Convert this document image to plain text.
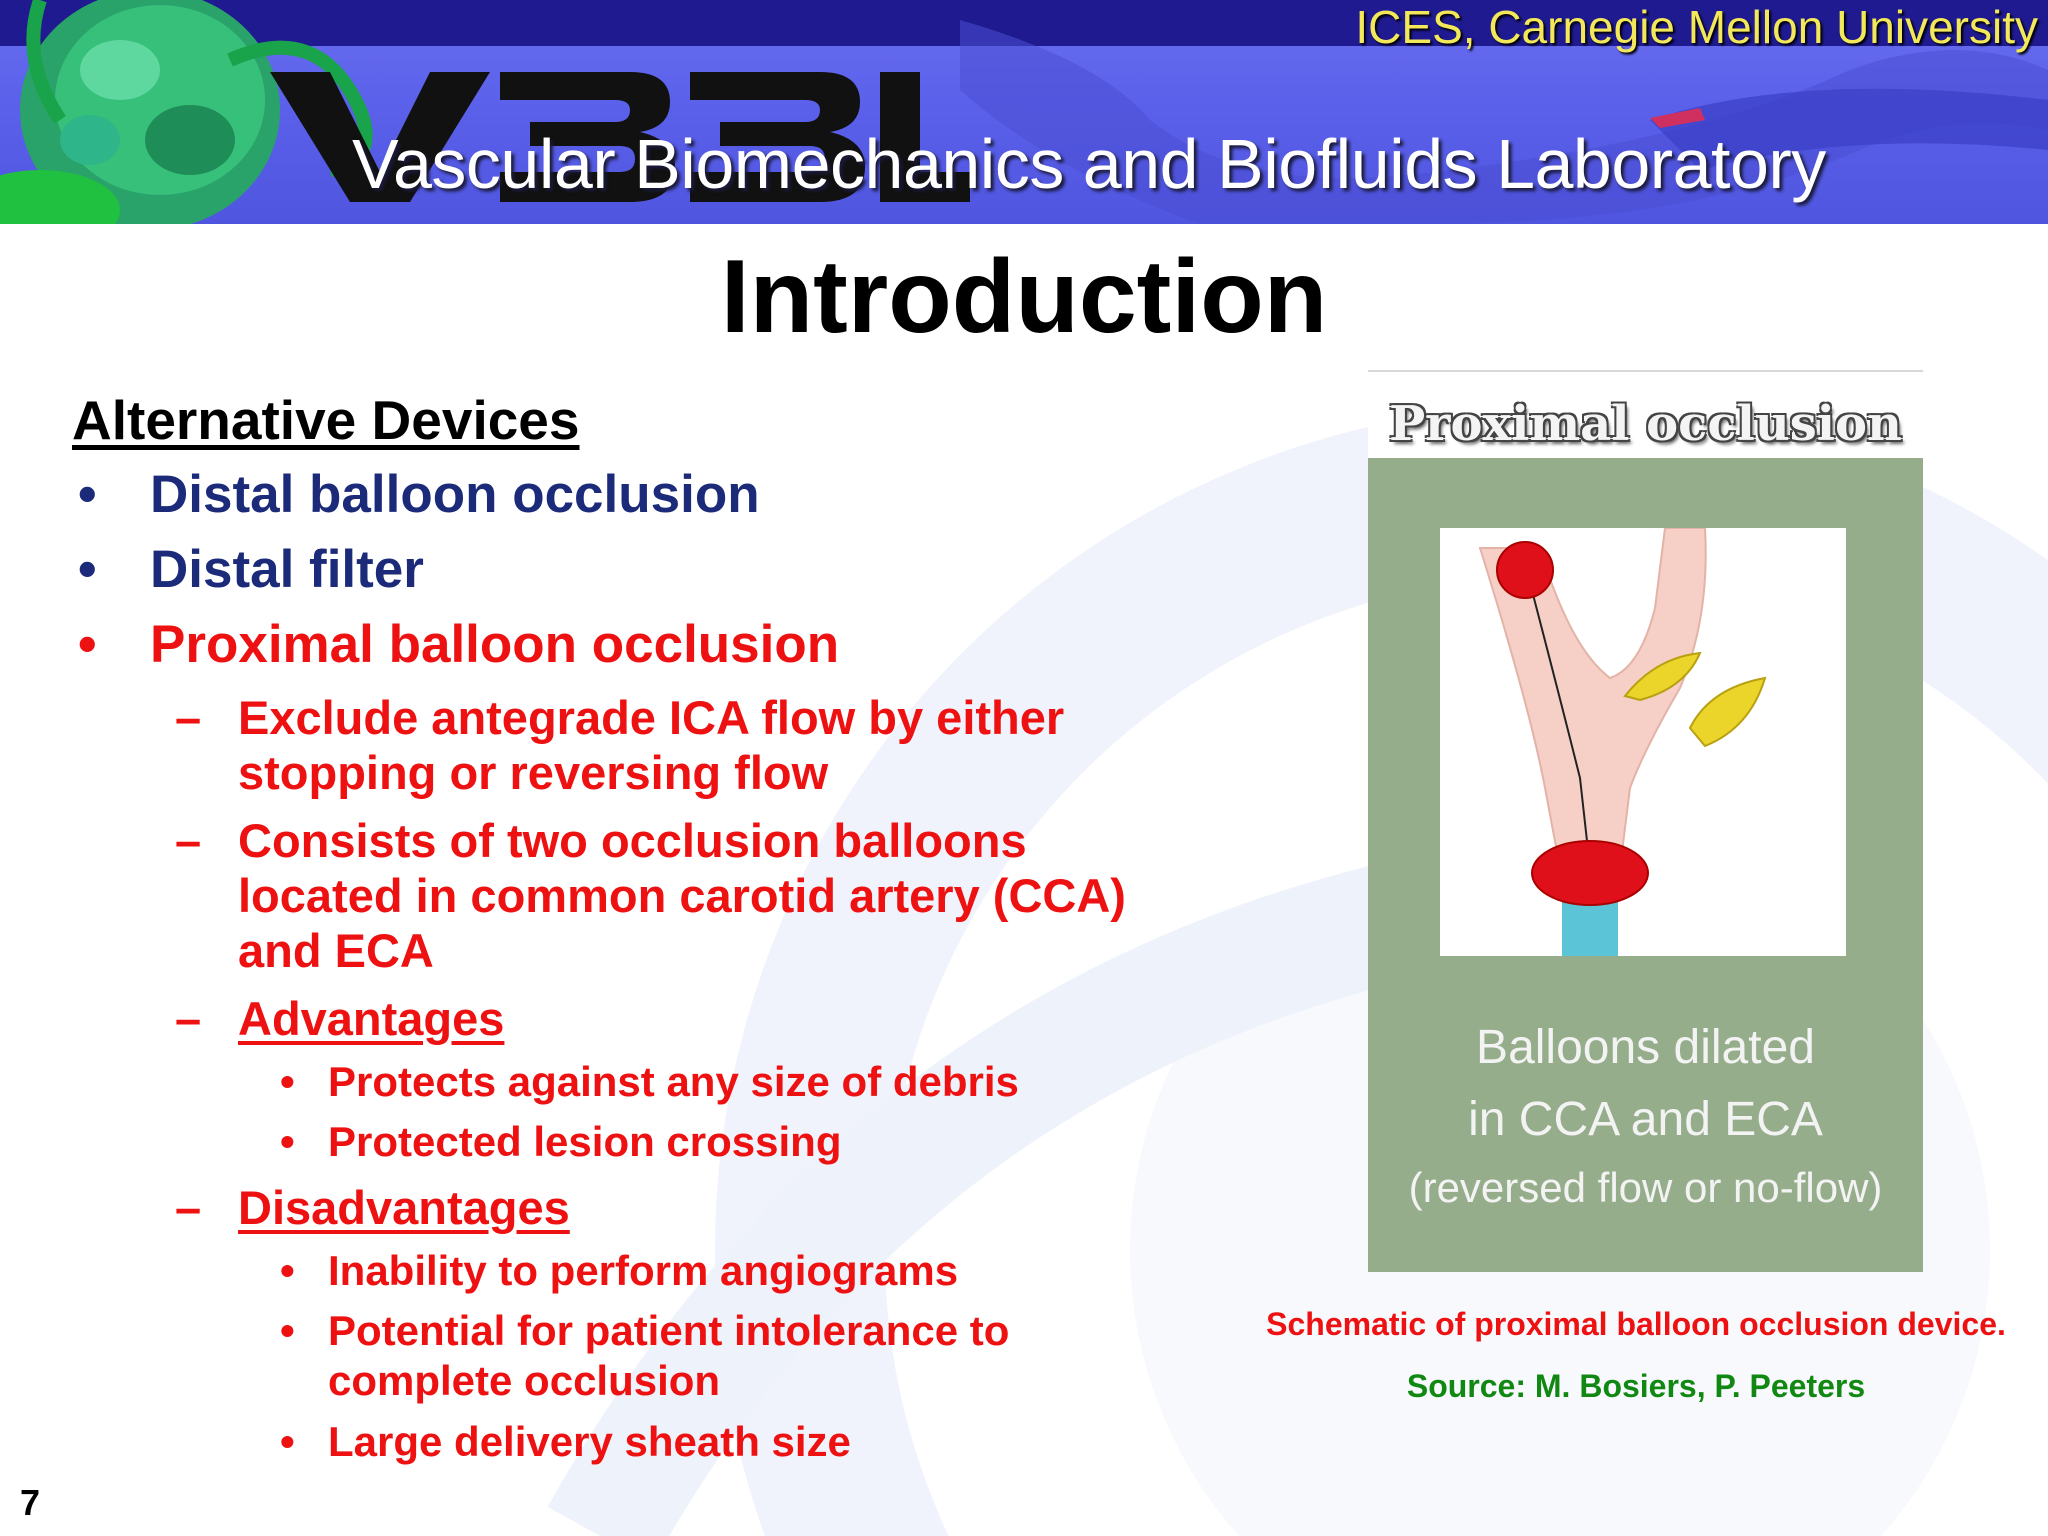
ICES, Carnegie Mellon University
Vascular Biomechanics and Biofluids Laboratory
Introduction
Alternative Devices
• Distal balloon occlusion
• Distal filter
• Proximal balloon occlusion
– Exclude antegrade ICA flow by either
stopping or reversing flow
– Consists of two occlusion balloons
located in common carotid artery (CCA)
and ECA
– Advantages
• Protects against any size of debris
• Protected lesion crossing
– Disadvantages
• Inability to perform angiograms
• Potential for patient intolerance to
complete occlusion
• Large delivery sheath size
Proximal occlusion
Balloons dilated
in CCA and ECA
(reversed flow or no-flow)
Schematic of proximal balloon occlusion device.
Source: M. Bosiers, P. Peeters
7
